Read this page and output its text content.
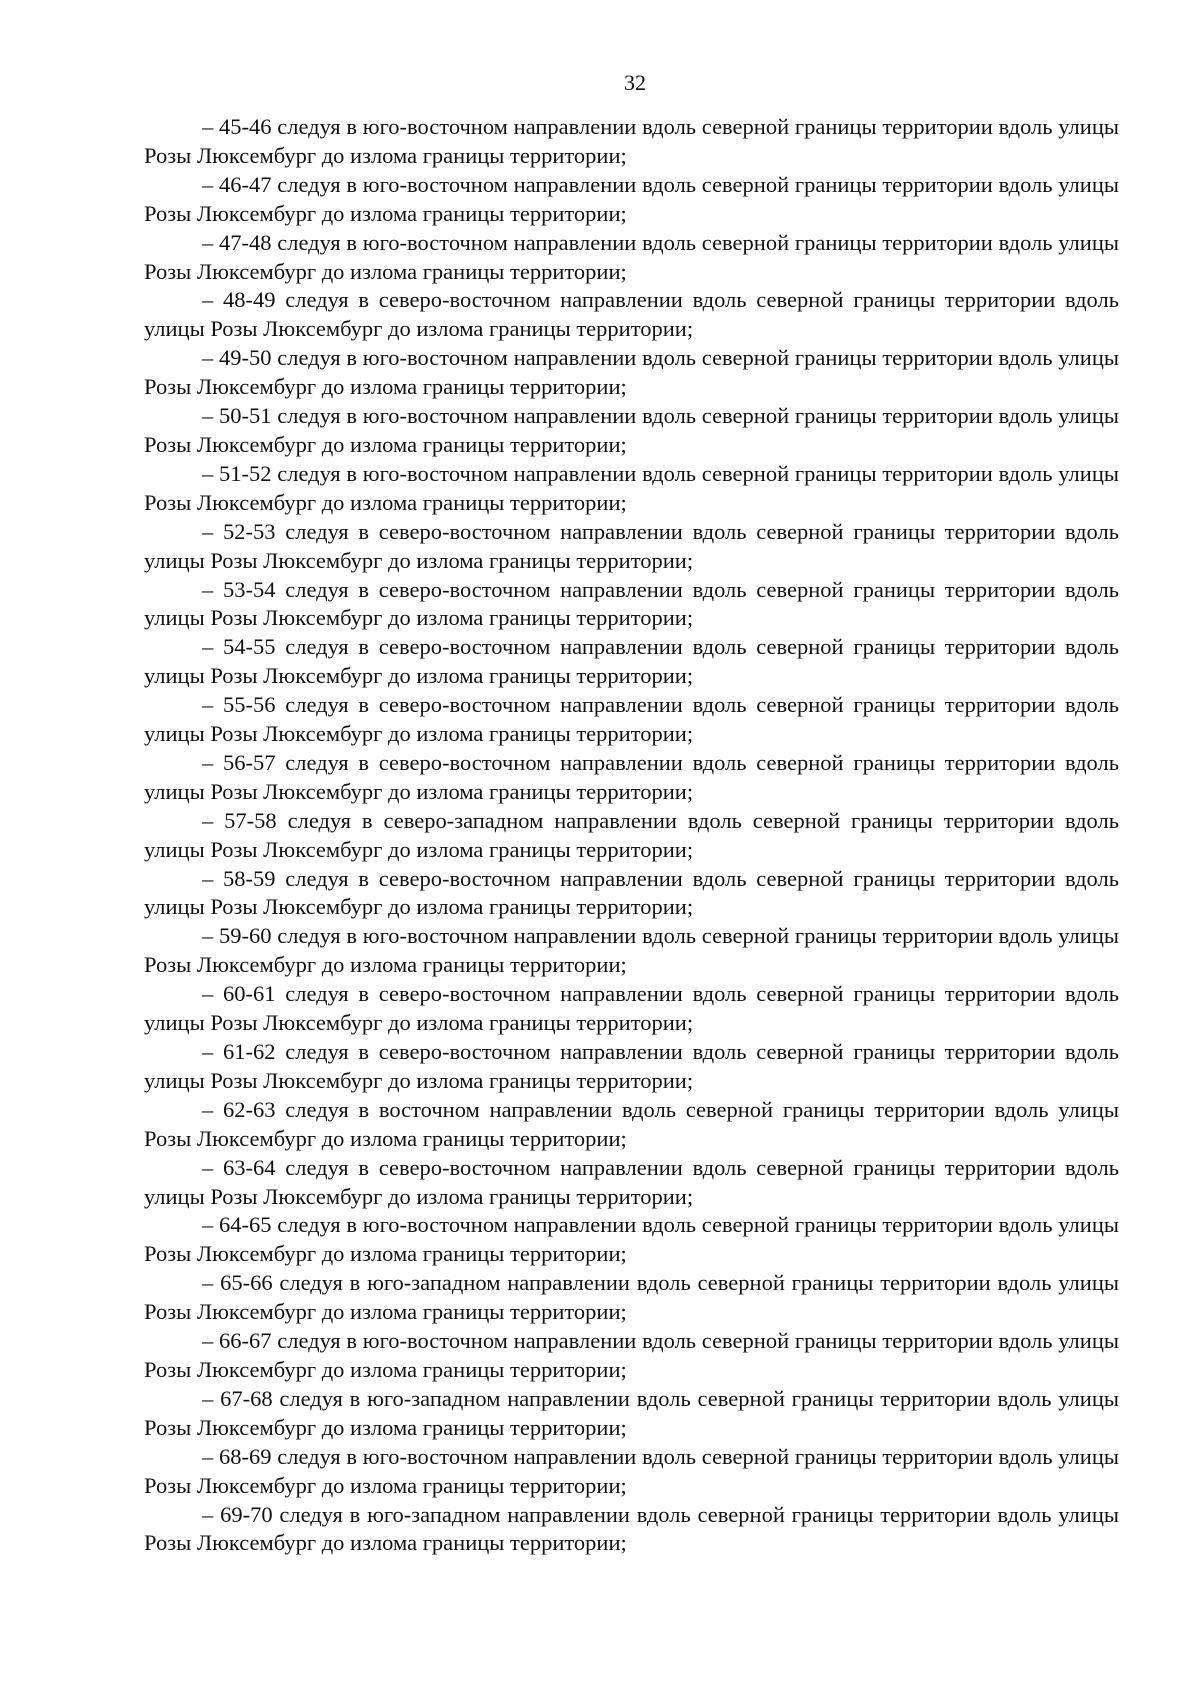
32

– 45-46 следуя в юго-восточном направлении вдоль северной границы территории вдоль улицы Розы Люксембург до излома границы территории;

– 46-47 следуя в юго-восточном направлении вдоль северной границы территории вдоль улицы Розы Люксембург до излома границы территории;

– 47-48 следуя в юго-восточном направлении вдоль северной границы территории вдоль улицы Розы Люксембург до излома границы территории;

– 48-49 следуя в северо-восточном направлении вдоль северной границы территории вдоль улицы Розы Люксембург до излома границы территории;

– 49-50 следуя в юго-восточном направлении вдоль северной границы территории вдоль улицы Розы Люксембург до излома границы территории;

– 50-51 следуя в юго-восточном направлении вдоль северной границы территории вдоль улицы Розы Люксембург до излома границы территории;

– 51-52 следуя в юго-восточном направлении вдоль северной границы территории вдоль улицы Розы Люксембург до излома границы территории;

– 52-53 следуя в северо-восточном направлении вдоль северной границы территории вдоль улицы Розы Люксембург до излома границы территории;

– 53-54 следуя в северо-восточном направлении вдоль северной границы территории вдоль улицы Розы Люксембург до излома границы территории;

– 54-55 следуя в северо-восточном направлении вдоль северной границы территории вдоль улицы Розы Люксембург до излома границы территории;

– 55-56 следуя в северо-восточном направлении вдоль северной границы территории вдоль улицы Розы Люксембург до излома границы территории;

– 56-57 следуя в северо-восточном направлении вдоль северной границы территории вдоль улицы Розы Люксембург до излома границы территории;

– 57-58 следуя в северо-западном направлении вдоль северной границы территории вдоль улицы Розы Люксембург до излома границы территории;

– 58-59 следуя в северо-восточном направлении вдоль северной границы территории вдоль улицы Розы Люксембург до излома границы территории;

– 59-60 следуя в юго-восточном направлении вдоль северной границы территории вдоль улицы Розы Люксембург до излома границы территории;

– 60-61 следуя в северо-восточном направлении вдоль северной границы территории вдоль улицы Розы Люксембург до излома границы территории;

– 61-62 следуя в северо-восточном направлении вдоль северной границы территории вдоль улицы Розы Люксембург до излома границы территории;

– 62-63 следуя в восточном направлении вдоль северной границы территории вдоль улицы Розы Люксембург до излома границы территории;

– 63-64 следуя в северо-восточном направлении вдоль северной границы территории вдоль улицы Розы Люксембург до излома границы территории;

– 64-65 следуя в юго-восточном направлении вдоль северной границы территории вдоль улицы Розы Люксембург до излома границы территории;

– 65-66 следуя в юго-западном направлении вдоль северной границы территории вдоль улицы Розы Люксембург до излома границы территории;

– 66-67 следуя в юго-восточном направлении вдоль северной границы территории вдоль улицы Розы Люксембург до излома границы территории;

– 67-68 следуя в юго-западном направлении вдоль северной границы территории вдоль улицы Розы Люксембург до излома границы территории;

– 68-69 следуя в юго-восточном направлении вдоль северной границы территории вдоль улицы Розы Люксембург до излома границы территории;

– 69-70 следуя в юго-западном направлении вдоль северной границы территории вдоль улицы Розы Люксембург до излома границы территории;
